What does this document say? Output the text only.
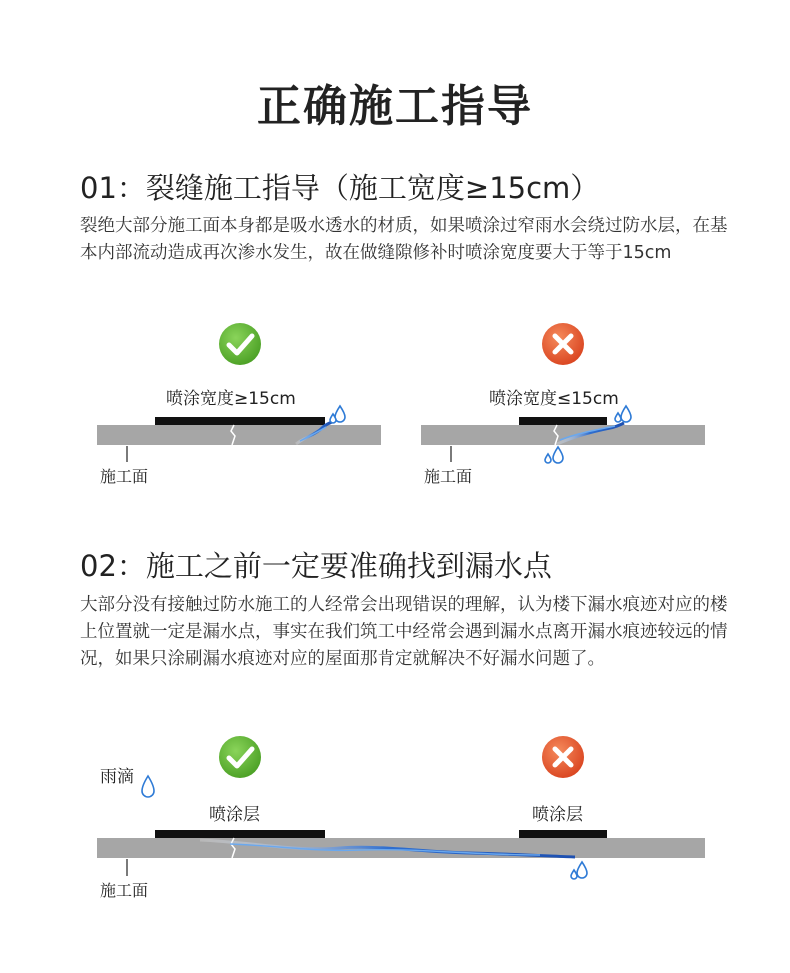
正确施工指导
01：裂缝施工指导（施工宽度≥15cm）
裂绝大部分施工面本身都是吸水透水的材质，如果喷涂过窄雨水会绕过防水层，在基本内部流动造成再次渗水发生，故在做缝隙修补时喷涂宽度要大于等于15cm
喷涂宽度≥15cm	喷涂宽度≤15cm
施工面	施工面
02：施工之前一定要准确找到漏水点
大部分没有接触过防水施工的人经常会出现错误的理解，认为楼下漏水痕迹对应的楼上位置就一定是漏水点，事实在我们筑工中经常会遇到漏水点离开漏水痕迹较远的情况，如果只涂刷漏水痕迹对应的屋面那肯定就解决不好漏水问题了。
雨滴
喷涂层	喷涂层
施工面
